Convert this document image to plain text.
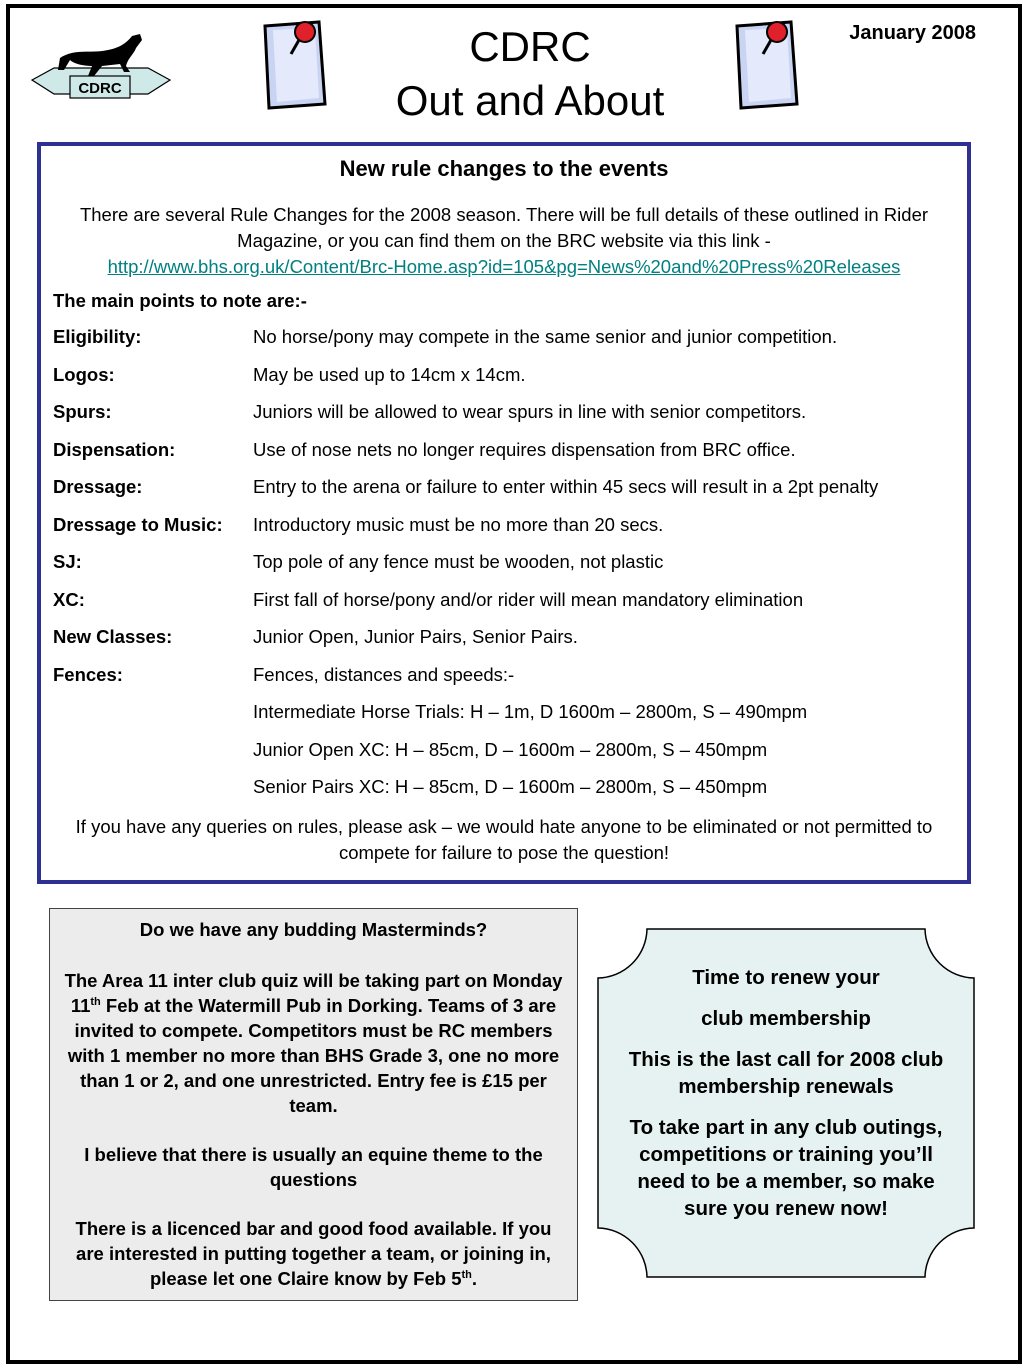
CDRC
CDRC
Out and About
January 2008
New rule changes to the events

There are several Rule Changes for the 2008 season. There will be full details of these outlined in Rider Magazine, or you can find them on the BRC website via this link -
http://www.bhs.org.uk/Content/Brc-Home.asp?id=105&pg=News%20and%20Press%20Releases

The main points to note are:-

Eligibility:	No horse/pony may compete in the same senior and junior competition.
Logos:	May be used up to 14cm x 14cm.
Spurs:	Juniors will be allowed to wear spurs in line with senior competitors.
Dispensation:	Use of nose nets no longer requires dispensation from BRC office.
Dressage:	Entry to the arena or failure to enter within 45 secs will result in a 2pt penalty
Dressage to Music:	Introductory music must be no more than 20 secs.
SJ:	Top pole of any fence must be wooden, not plastic
XC:	First fall of horse/pony and/or rider will mean mandatory elimination
New Classes:	Junior Open, Junior Pairs, Senior Pairs.
Fences:	Fences, distances and speeds:-
Intermediate Horse Trials: H – 1m, D 1600m – 2800m, S – 490mpm
Junior Open XC: H – 85cm, D – 1600m – 2800m, S – 450mpm
Senior Pairs XC: H – 85cm, D – 1600m – 2800m, S – 450mpm

If you have any queries on rules, please ask – we would hate anyone to be eliminated or not permitted to compete for failure to pose the question!

Do we have any budding Masterminds?

The Area 11 inter club quiz will be taking part on Monday 11th Feb at the Watermill Pub in Dorking. Teams of 3 are invited to compete. Competitors must be RC members with 1 member no more than BHS Grade 3, one no more than 1 or 2, and one unrestricted. Entry fee is £15 per team.

I believe that there is usually an equine theme to the questions

There is a licenced bar and good food available. If you are interested in putting together a team, or joining in, please let one Claire know by Feb 5th.

Time to renew your

club membership

This is the last call for 2008 club membership renewals

To take part in any club outings, competitions or training you’ll need to be a member, so make sure you renew now!
